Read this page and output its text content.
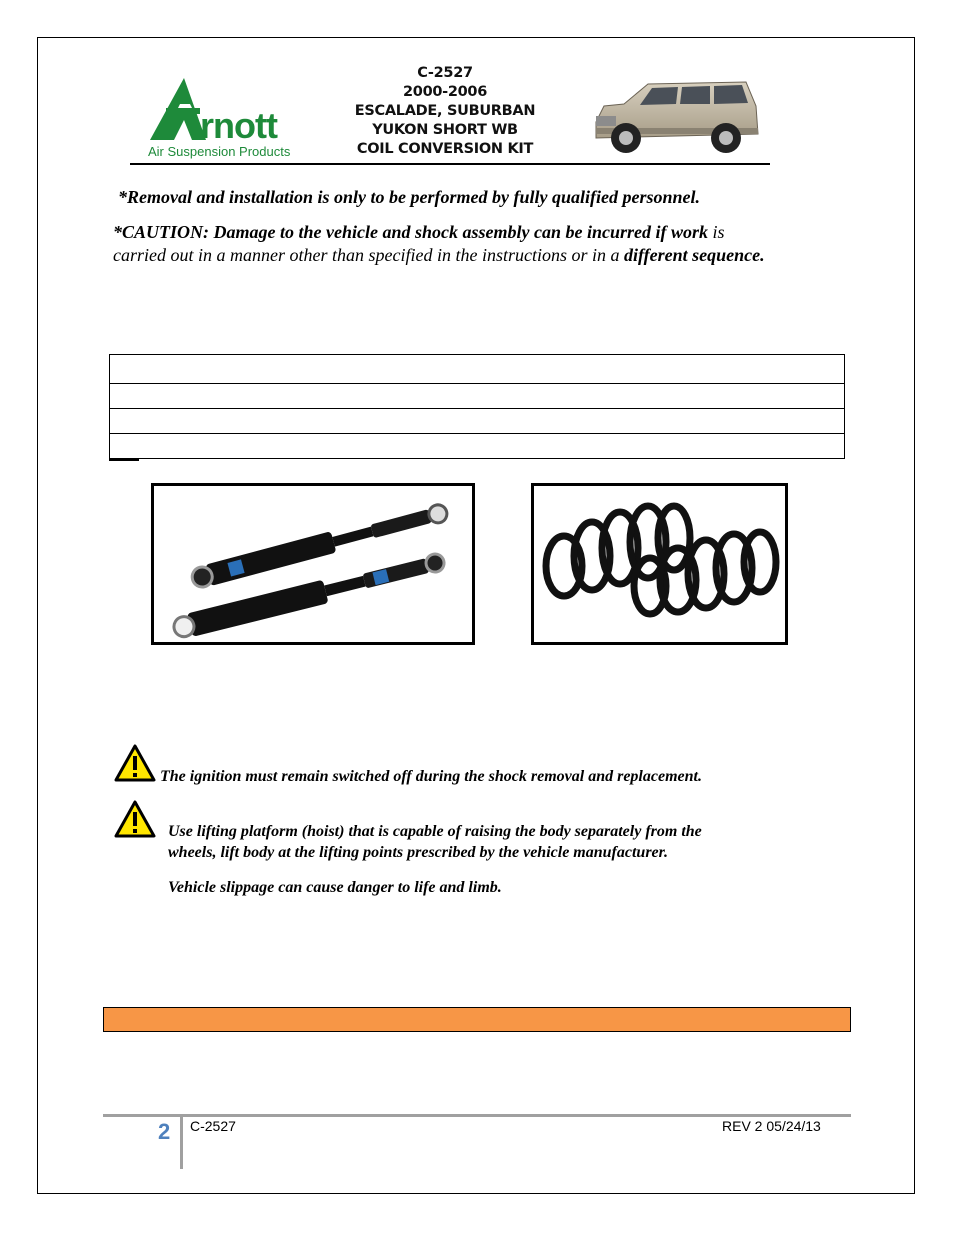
rnott
Air Suspension Products
C-2527
2000-2006
ESCALADE, SUBURBAN
YUKON SHORT WB
COIL CONVERSION KIT
*Removal and installation is only to be performed by fully qualified personnel.
*CAUTION: Damage to the vehicle and shock assembly can be incurred if work is
carried out in a manner other than specified in the instructions or in a different sequence.

The ignition must remain switched off during the shock removal and replacement.
Use lifting platform (hoist) that is capable of raising the body separately from the
wheels, lift body at the lifting points prescribed by the vehicle manufacturer.
Vehicle slippage can cause danger to life and limb.
2 C-2527	REV 2 05/24/13
